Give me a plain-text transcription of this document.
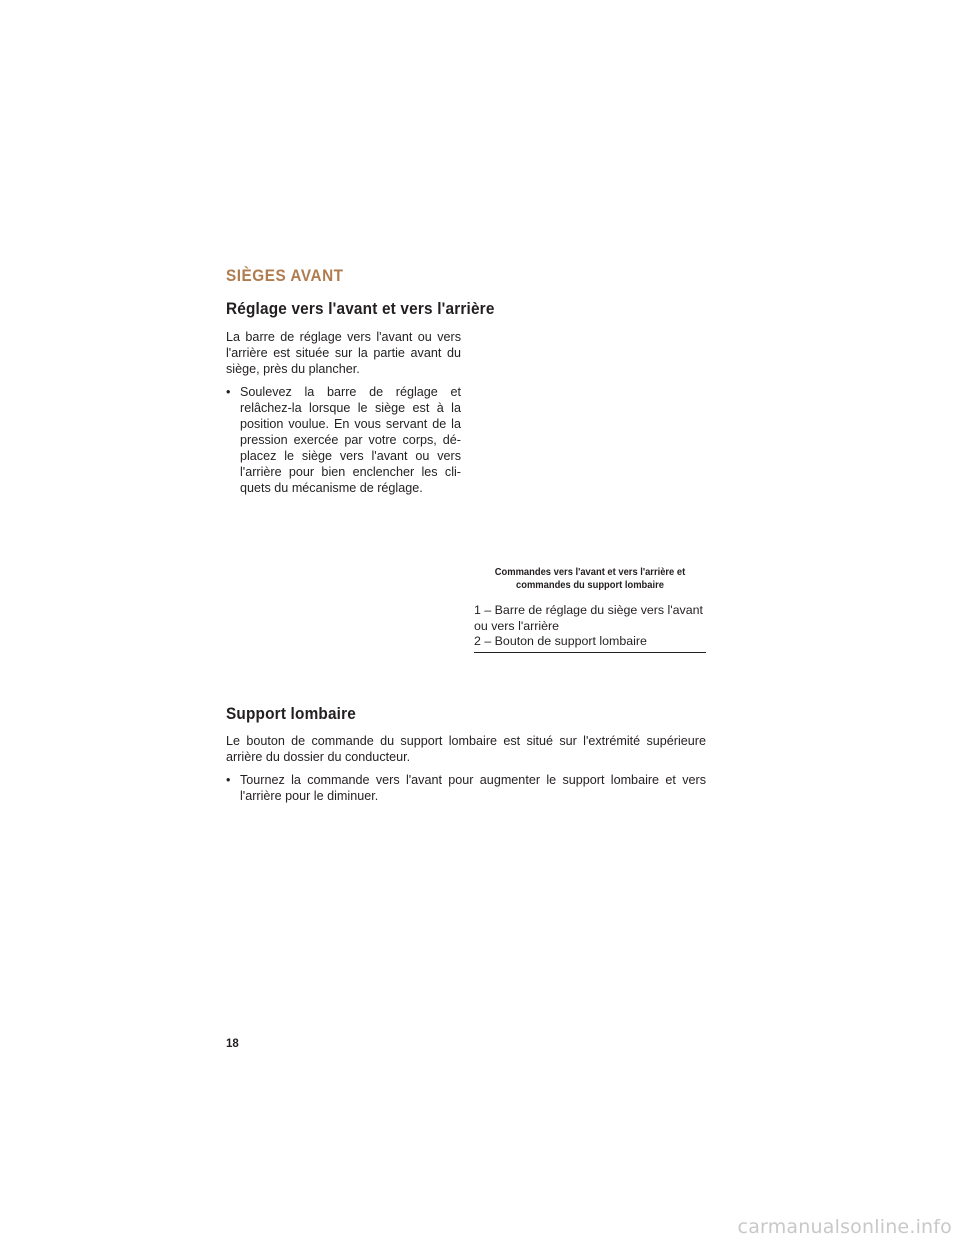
SIÈGES AVANT
Réglage vers l'avant et vers l'arrière

La barre de réglage vers l'avant ou vers l'arrière est située sur la partie avant du siège, près du plancher.

• Soulevez la barre de réglage et relâchez-la lorsque le siège est à la position voulue. En vous servant de la pression exercée par votre corps, dé-placez le siège vers l'avant ou vers l'arrière pour bien enclencher les cli-quets du mécanisme de réglage.
Commandes vers l'avant et vers l'arrière et commandes du support lombaire
1 – Barre de réglage du siège vers l'avant ou vers l'arrière
2 – Bouton de support lombaire
Support lombaire

Le bouton de commande du support lombaire est situé sur l'extrémité supérieure arrière du dossier du conducteur.

• Tournez la commande vers l'avant pour augmenter le support lombaire et vers l'arrière pour le diminuer.
18
carmanualsonline.info
